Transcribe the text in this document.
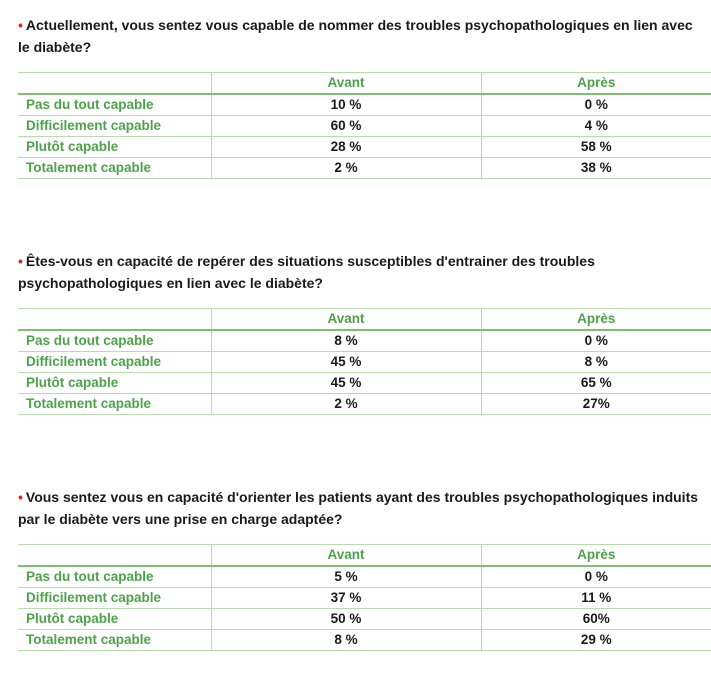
• Actuellement, vous sentez vous capable de nommer des troubles psychopathologiques en lien avec le diabète?

	Avant	Après
Pas du tout capable	10 %	0 %
Difficilement capable	60 %	4 %
Plutôt capable	28 %	58 %
Totalement capable	2 %	38 %

• Êtes-vous en capacité de repérer des situations susceptibles d'entrainer des troubles psychopathologiques en lien avec le diabète?

	Avant	Après
Pas du tout capable	8 %	0 %
Difficilement capable	45 %	8 %
Plutôt capable	45 %	65 %
Totalement capable	2 %	27%

• Vous sentez vous en capacité d'orienter les patients ayant des troubles psychopathologiques induits par le diabète vers une prise en charge adaptée?

	Avant	Après
Pas du tout capable	5 %	0 %
Difficilement capable	37 %	11 %
Plutôt capable	50 %	60%
Totalement capable	8 %	29 %
